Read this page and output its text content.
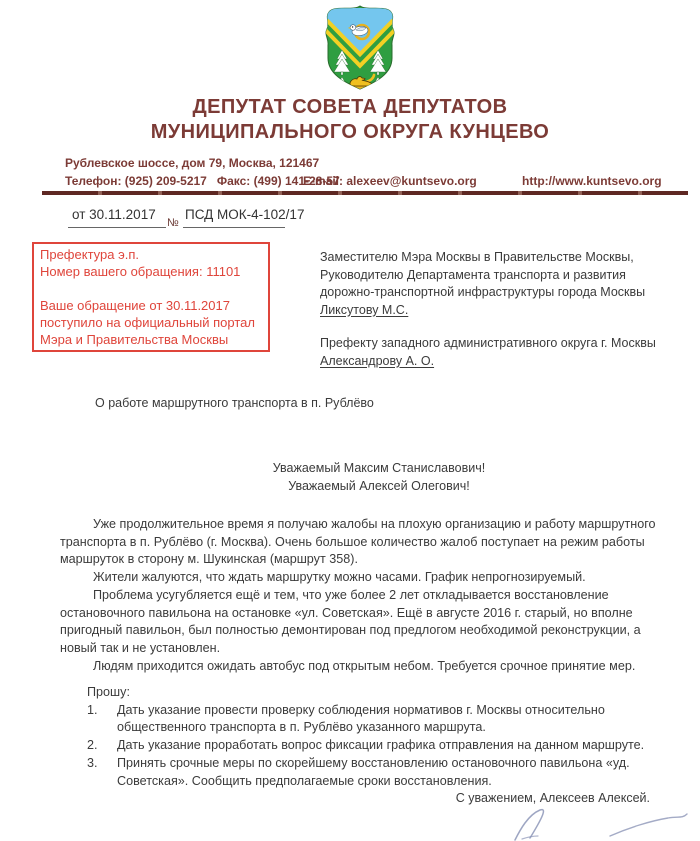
ДЕПУТАТ СОВЕТА ДЕПУТАТОВ
МУНИЦИПАЛЬНОГО ОКРУГА КУНЦЕВО
Рублевское шоссе, дом 79, Москва, 121467
Телефон: (925) 209-5217   Факс: (499) 141-28-57
E-mail: alexeev@kuntsevo.org	http://www.kuntsevo.org
от 30.11.2017
№
ПСД МОК-4-102/17
Префектура э.п.
Номер вашего обращения: 11101
Ваше обращение от 30.11.2017
поступило на официальный портал
Мэра и Правительства Москвы
Заместителю Мэра Москвы в Правительстве Москвы,
Руководителю Департамента транспорта и развития
дорожно-транспортной инфраструктуры города Москвы
Ликсутову М.С.
Префекту западного административного округа г. Москвы
Александрову А. О.
О работе маршрутного транспорта в п. Рублёво
Уважаемый Максим Станиславович!
Уважаемый Алексей Олегович!

Уже продолжительное время я получаю жалобы на плохую организацию и работу маршрутного транспорта в п. Рублёво (г. Москва). Очень большое количество жалоб поступает на режим работы маршруток в сторону м. Шукинская (маршрут 358).

Жители жалуются, что ждать маршрутку можно часами. График непрогнозируемый.

Проблема усугубляется ещё и тем, что уже более 2 лет откладывается восстановление остановочного павильона на остановке «ул. Советская». Ещё в августе 2016 г. старый, но вполне пригодный павильон, был полностью демонтирован под предлогом необходимой реконструкции, а новый так и не установлен.

Людям приходится ожидать автобус под открытым небом. Требуется срочное принятие мер.

Прошу:
1.	Дать указание провести проверку соблюдения нормативов г. Москвы относительно общественного транспорта в п. Рублёво указанного маршрута.
2.	Дать указание проработать вопрос фиксации графика отправления на данном маршруте.
3.	Принять срочные меры по скорейшему восстановлению остановочного павильона «уд. Советская». Сообщить предполагаемые сроки восстановления.
С уважением, Алексеев Алексей.
